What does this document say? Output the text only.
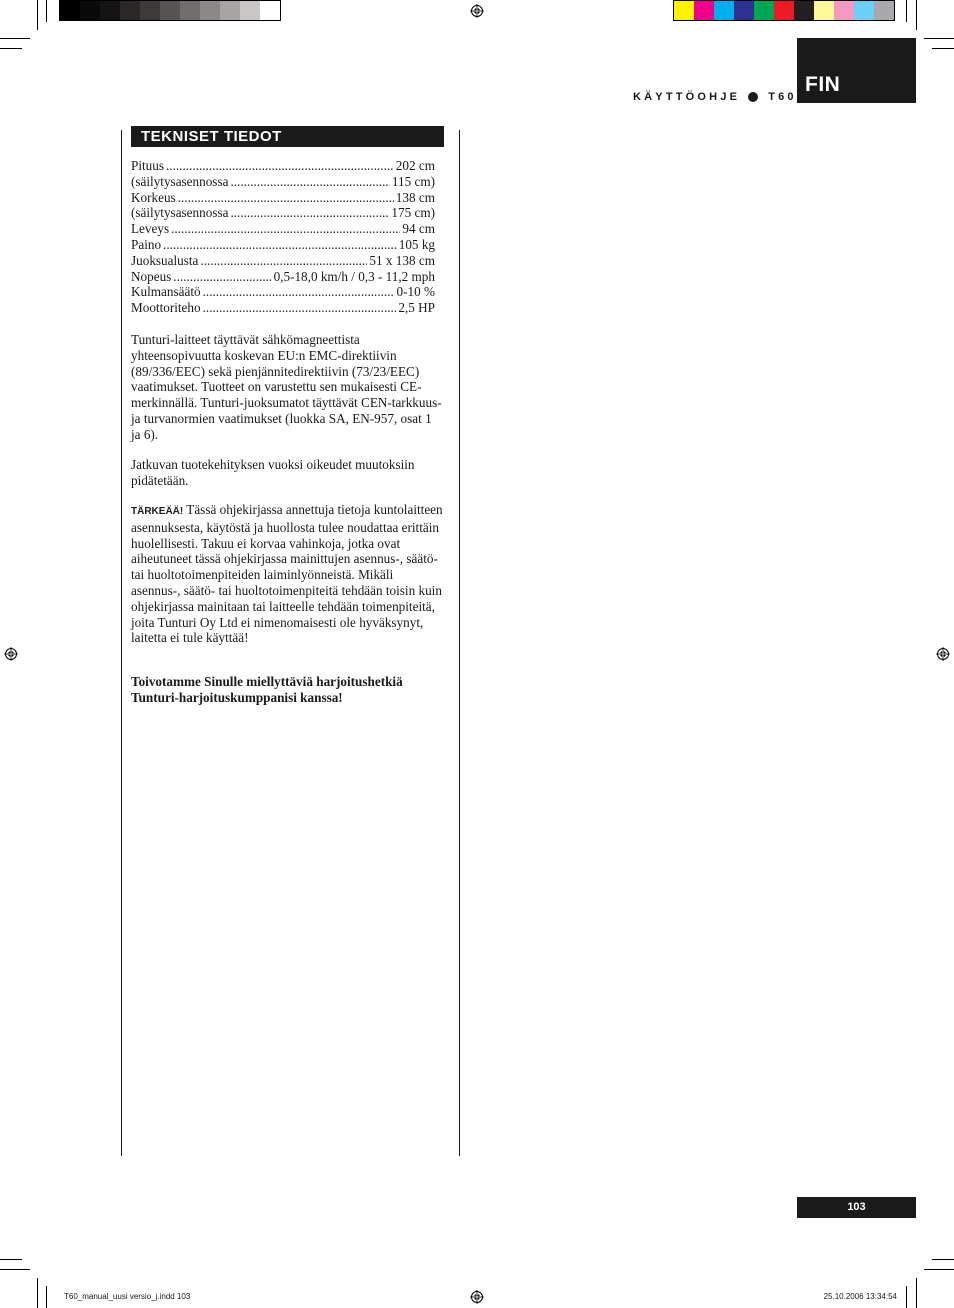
KÄYTTÖOHJE	T60
FIN
TEKNISET TIEDOT
Pituus .....	202 cm
(säilytysasennossa .....	115 cm)
Korkeus .....	138 cm
(säilytysasennossa .....	175 cm)
Leveys .....	94 cm
Paino .....	105 kg
Juoksualusta .....	51 x 138 cm
Nopeus .....	0,5-18,0 km/h / 0,3 - 11,2 mph
Kulmansäätö .....	0-10 %
Moottoriteho .....	2,5 HP
Tunturi-laitteet täyttävät sähkömagneettista yhteensopivuutta koskevan EU:n EMC-direktiivin (89/336/EEC) sekä pienjännitedirektiivin (73/23/EEC) vaatimukset. Tuotteet on varustettu sen mukaisesti CE-merkinnällä. Tunturi-juoksumatot täyttävät CEN-tarkkuus- ja turvanormien vaatimukset (luokka SA, EN-957, osat 1 ja 6).
Jatkuvan tuotekehityksen vuoksi oikeudet muutoksiin pidätetään.
TÄRKEÄÄ! Tässä ohjekirjassa annettuja tietoja kuntolaitteen asennuksesta, käytöstä ja huollosta tulee noudattaa erittäin huolellisesti. Takuu ei korvaa vahinkoja, jotka ovat aiheutuneet tässä ohjekirjassa mainittujen asennus-, säätö- tai huoltotoimenpiteiden laiminlyönneistä. Mikäli asennus-, säätö- tai huoltotoimenpiteitä tehdään toisin kuin ohjekirjassa mainitaan tai laitteelle tehdään toimenpiteitä, joita Tunturi Oy Ltd ei nimenomaisesti ole hyväksynyt, laitetta ei tule käyttää!
Toivotamme Sinulle miellyttäviä harjoitushetkiä
Tunturi-harjoituskumppanisi kanssa!
103
T60_manual_uusi versio_j.indd 103	25.10.2006 13:34:54
